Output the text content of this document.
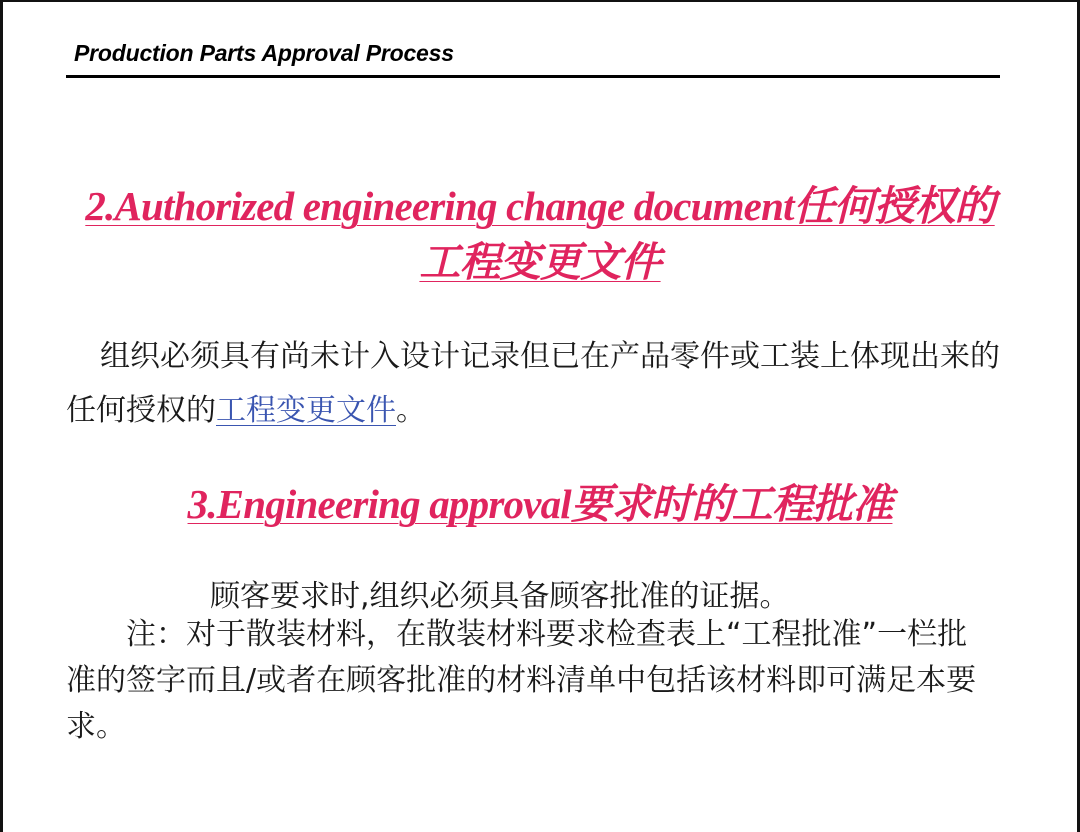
Production Parts Approval Process
2.Authorized engineering change document任何授权的工程变更文件

组织必须具有尚未计入设计记录但已在产品零件或工装上体现出来的任何授权的工程变更文件。

3.Engineering approval要求时的工程批准

顾客要求时,组织必须具备顾客批准的证据。

注：对于散装材料，在散装材料要求检查表上“工程批准”一栏批准的签字而且/或者在顾客批准的材料清单中包括该材料即可满足本要求。
